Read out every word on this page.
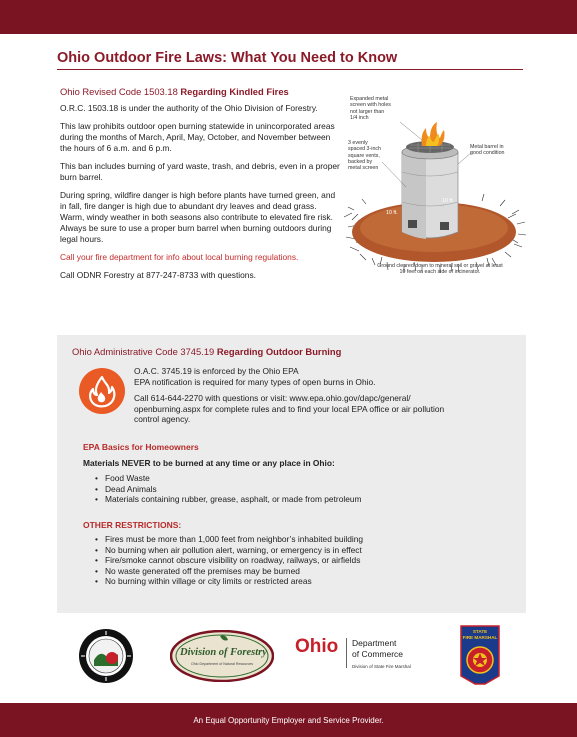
Ohio Outdoor Fire Laws: What You Need to Know
Ohio Revised Code 1503.18 Regarding Kindled Fires

O.R.C. 1503.18 is under the authority of the Ohio Division of Forestry.

This law prohibits outdoor open burning statewide in unincorporated areas during the months of March, April, May, October, and November between the hours of 6 a.m. and 6 p.m.

This ban includes burning of yard waste, trash, and debris, even in a proper burn barrel.

During spring, wildfire danger is high before plants have turned green, and in fall, fire danger is high due to abundant dry leaves and dead grass. Warm, windy weather in both seasons also contribute to elevated fire risk. Always be sure to use a proper burn barrel when burning outdoors during legal hours.

Call your fire department for info about local burning regulations.

Call ODNR Forestry at 877-247-8733 with questions.

Expanded metal
screen with holes
not larger than
1/4 inch
3 evenly
spaced 3-inch
square vents,
backed by
metal screen
Metal barrel in
good condition
10 ft.
10 ft.
Ground cleared down to mineral soil or gravel at least
10 feet on each side of incinerator.
Ohio Administrative Code 3745.19 Regarding Outdoor Burning

O.A.C. 3745.19 is enforced by the Ohio EPA
EPA notification is required for many types of open burns in Ohio.

Call 614-644-2270 with questions or visit: www.epa.ohio.gov/dapc/general/ openburning.aspx for complete rules and to find your local EPA office or air pollution control agency.

EPA Basics for Homeowners
Materials NEVER to be burned at any time or any place in Ohio:
• Food Waste
• Dead Animals
• Materials containing rubber, grease, asphalt, or made from petroleum
OTHER RESTRICTIONS:
• Fires must be more than 1,000 feet from neighbor’s inhabited building
• No burning when air pollution alert, warning, or emergency is in effect
• Fire/smoke cannot obscure visibility on roadway, railways, or airfields
• No waste generated off the premises may be burned
• No burning within village or city limits or restricted areas
Division of Forestry
Ohio Department of Natural Resources
Ohio Department
of Commerce
Division of State Fire Marshal
STATE
FIRE MARSHAL
An Equal Opportunity Employer and Service Provider.
